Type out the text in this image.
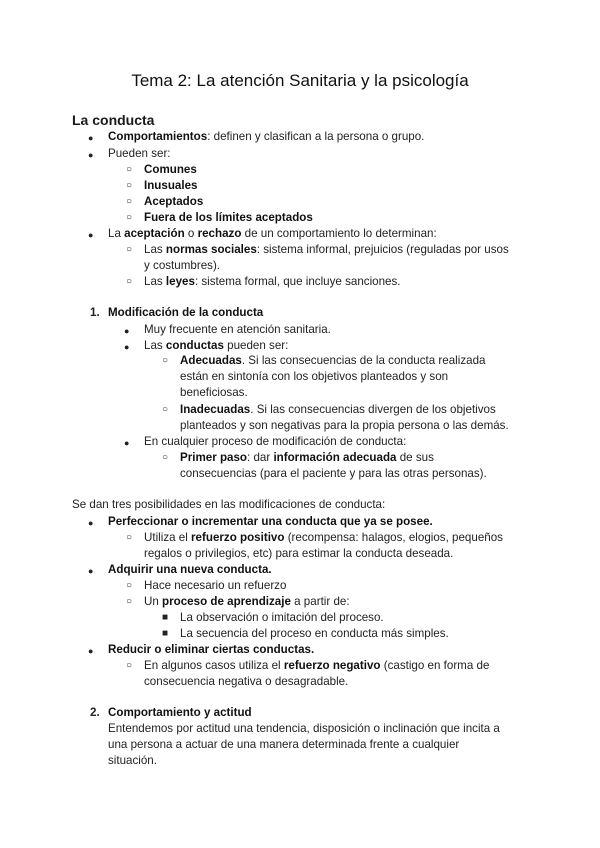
Tema 2: La atención Sanitaria y la psicología
La conducta
● Comportamientos: definen y clasifican a la persona o grupo.
● Pueden ser:
○ Comunes
○ Inusuales
○ Aceptados
○ Fuera de los límites aceptados
● La aceptación o rechazo de un comportamiento lo determinan:
○ Las normas sociales: sistema informal, prejuicios (reguladas por usos
y costumbres).
○ Las leyes: sistema formal, que incluye sanciones.
1. Modificación de la conducta
● Muy frecuente en atención sanitaria.
● Las conductas pueden ser:
○ Adecuadas. Si las consecuencias de la conducta realizada
están en sintonía con los objetivos planteados y son
beneficiosas.
○ Inadecuadas. Si las consecuencias divergen de los objetivos
planteados y son negativas para la propia persona o las demás.
● En cualquier proceso de modificación de conducta:
○ Primer paso: dar información adecuada de sus
consecuencias (para el paciente y para las otras personas).
Se dan tres posibilidades en las modificaciones de conducta:
● Perfeccionar o incrementar una conducta que ya se posee.
○ Utiliza el refuerzo positivo (recompensa: halagos, elogios, pequeños
regalos o privilegios, etc) para estimar la conducta deseada.
● Adquirir una nueva conducta.
○ Hace necesario un refuerzo
○ Un proceso de aprendizaje a partir de:
■ La observación o imitación del proceso.
■ La secuencia del proceso en conducta más simples.
● Reducir o eliminar ciertas conductas.
○ En algunos casos utiliza el refuerzo negativo (castigo en forma de
consecuencia negativa o desagradable.
2. Comportamiento y actitud
Entendemos por actitud una tendencia, disposición o inclinación que incita a
una persona a actuar de una manera determinada frente a cualquier
situación.
